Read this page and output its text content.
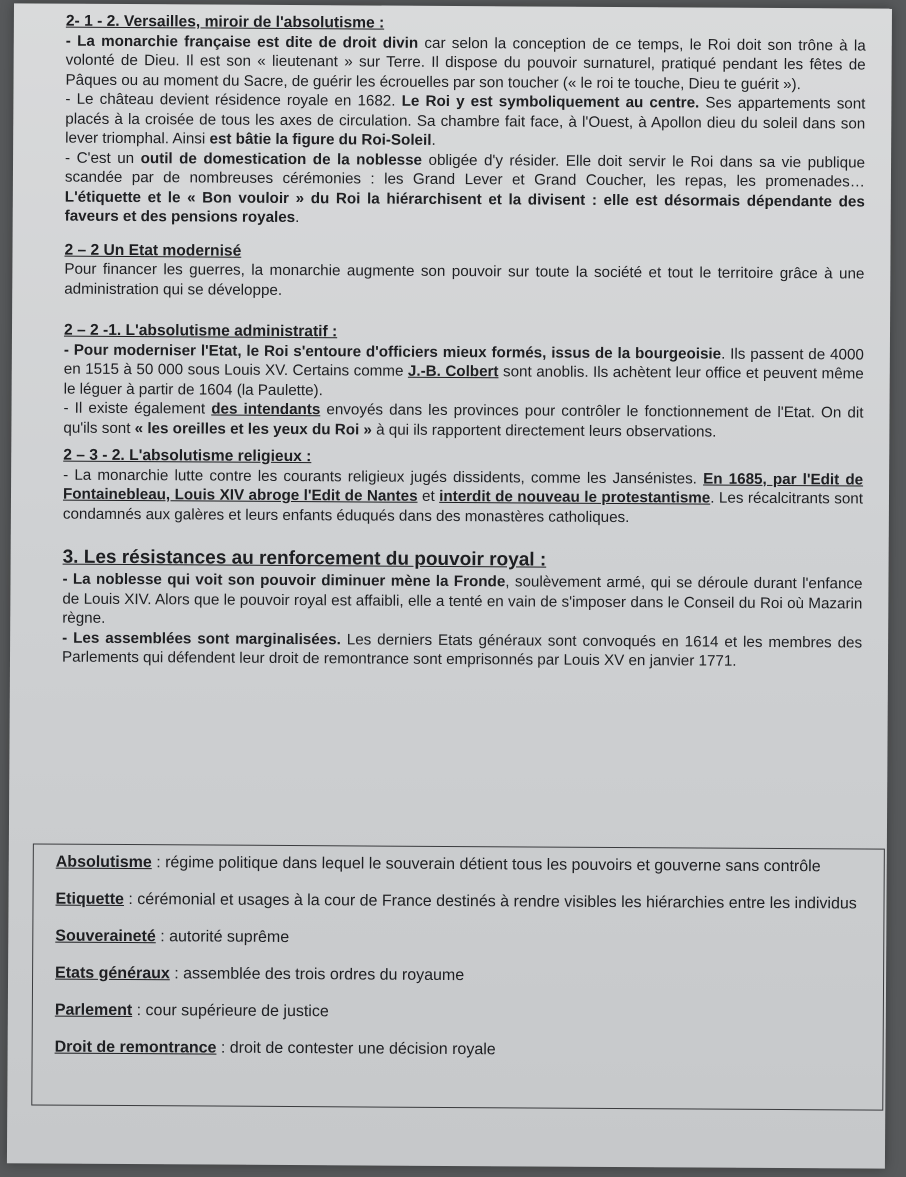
2- 1 - 2. Versailles, miroir de l'absolutisme :

- La monarchie française est dite de droit divin car selon la conception de ce temps, le Roi doit son trône à la volonté de Dieu. Il est son « lieutenant » sur Terre. Il dispose du pouvoir surnaturel, pratiqué pendant les fêtes de Pâques ou au moment du Sacre, de guérir les écrouelles par son toucher (« le roi te touche, Dieu te guérit »).

- Le château devient résidence royale en 1682. Le Roi y est symboliquement au centre. Ses appartements sont placés à la croisée de tous les axes de circulation. Sa chambre fait face, à l'Ouest, à Apollon dieu du soleil dans son lever triomphal. Ainsi est bâtie la figure du Roi-Soleil.

- C'est un outil de domestication de la noblesse obligée d'y résider. Elle doit servir le Roi dans sa vie publique scandée par de nombreuses cérémonies : les Grand Lever et Grand Coucher, les repas, les promenades… L'étiquette et le « Bon vouloir » du Roi la hiérarchisent et la divisent : elle est désormais dépendante des faveurs et des pensions royales.

2 – 2 Un Etat modernisé

Pour financer les guerres, la monarchie augmente son pouvoir sur toute la société et tout le territoire grâce à une administration qui se développe.

2 – 2 -1. L'absolutisme administratif :

- Pour moderniser l'Etat, le Roi s'entoure d'officiers mieux formés, issus de la bourgeoisie. Ils passent de 4000 en 1515 à 50 000 sous Louis XV. Certains comme J.-B. Colbert sont anoblis. Ils achètent leur office et peuvent même le léguer à partir de 1604 (la Paulette).

- Il existe également des intendants envoyés dans les provinces pour contrôler le fonctionnement de l'Etat. On dit qu'ils sont « les oreilles et les yeux du Roi » à qui ils rapportent directement leurs observations.

2 – 3 - 2. L'absolutisme religieux :

- La monarchie lutte contre les courants religieux jugés dissidents, comme les Jansénistes. En 1685, par l'Edit de Fontainebleau, Louis XIV abroge l'Edit de Nantes et interdit de nouveau le protestantisme. Les récalcitrants sont condamnés aux galères et leurs enfants éduqués dans des monastères catholiques.

3. Les résistances au renforcement du pouvoir royal :

- La noblesse qui voit son pouvoir diminuer mène la Fronde, soulèvement armé, qui se déroule durant l'enfance de Louis XIV. Alors que le pouvoir royal est affaibli, elle a tenté en vain de s'imposer dans le Conseil du Roi où Mazarin règne.

- Les assemblées sont marginalisées. Les derniers Etats généraux sont convoqués en 1614 et les membres des Parlements qui défendent leur droit de remontrance sont emprisonnés par Louis XV en janvier 1771.

Absolutisme : régime politique dans lequel le souverain détient tous les pouvoirs et gouverne sans contrôle
Etiquette : cérémonial et usages à la cour de France destinés à rendre visibles les hiérarchies entre les individus
Souveraineté : autorité suprême
Etats généraux : assemblée des trois ordres du royaume
Parlement : cour supérieure de justice
Droit de remontrance : droit de contester une décision royale
